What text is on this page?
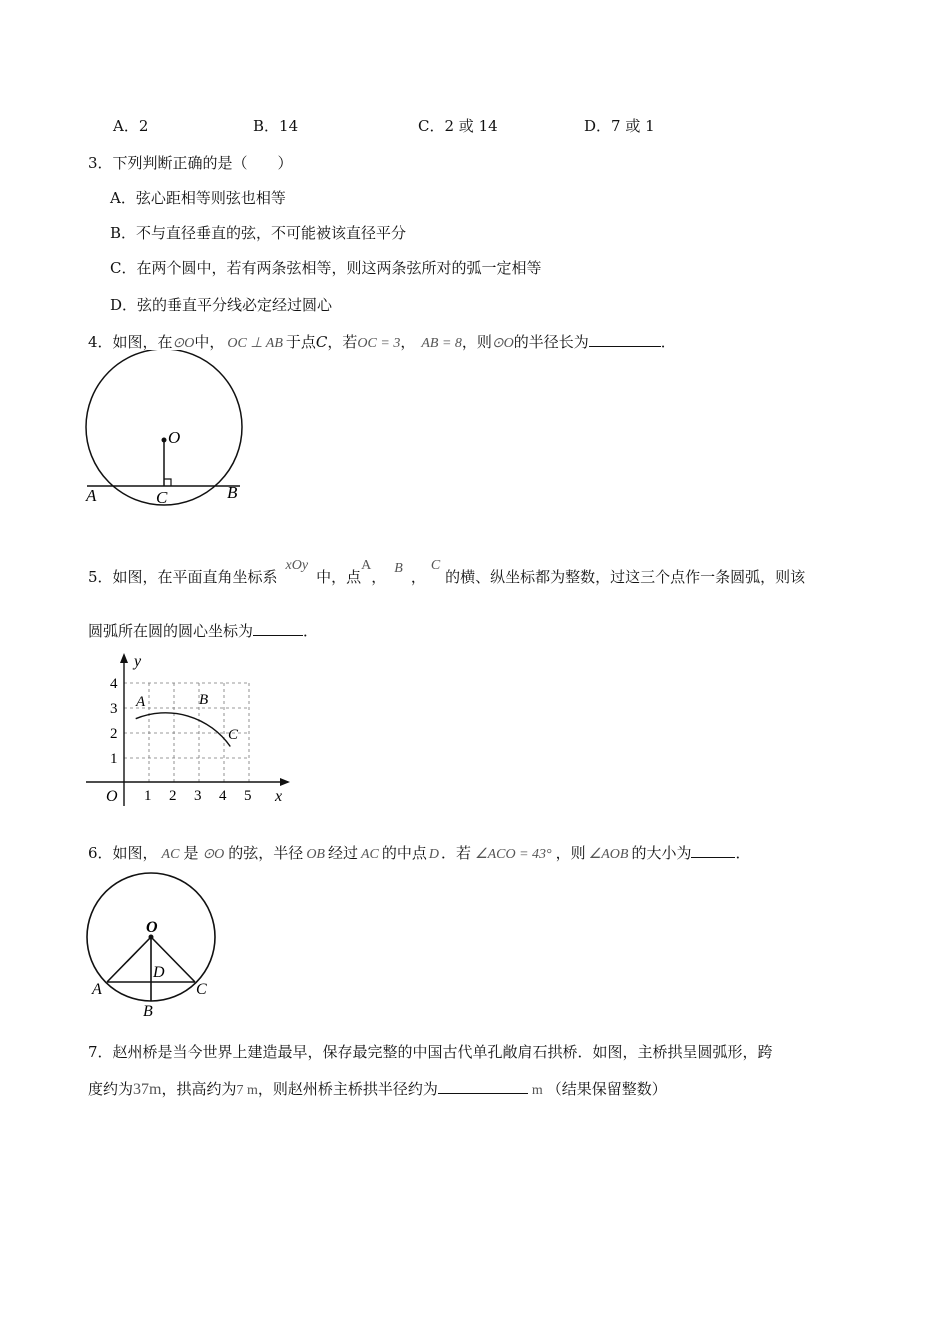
A．2	B．14	C．2 或 14	D．7 或 1
3．下列判断正确的是（　　）
A．弦心距相等则弦也相等
B．不与直径垂直的弦，不可能被该直径平分
C．在两个圆中，若有两条弦相等，则这两条弦所对的弧一定相等
D．弦的垂直平分线必定经过圆心
4．如图，在⊙O中， OC ⊥ AB 于点C，若OC = 3， AB = 8，则⊙O的半径长为	．
O
A	C	B
5．如图，在平面直角坐标系xOy中，点A， B ，C的横、纵坐标都为整数，过这三个点作一条圆弧，则该
圆弧所在圆的圆心坐标为	．
1 2 3 4 5
1
2
3
4
O	x
y
A	B
C
6．如图， AC 是 ⊙O 的弦，半径 OB 经过 AC 的中点 D ．若 ∠ACO = 43° ，则 ∠AOB 的大小为	．
O
D
A	C
B
7．赵州桥是当今世界上建造最早，保存最完整的中国古代单孔敞肩石拱桥．如图，主桥拱呈圆弧形，跨
度约为37m，拱高约为7 m，则赵州桥主桥拱半径约为	m （结果保留整数）
